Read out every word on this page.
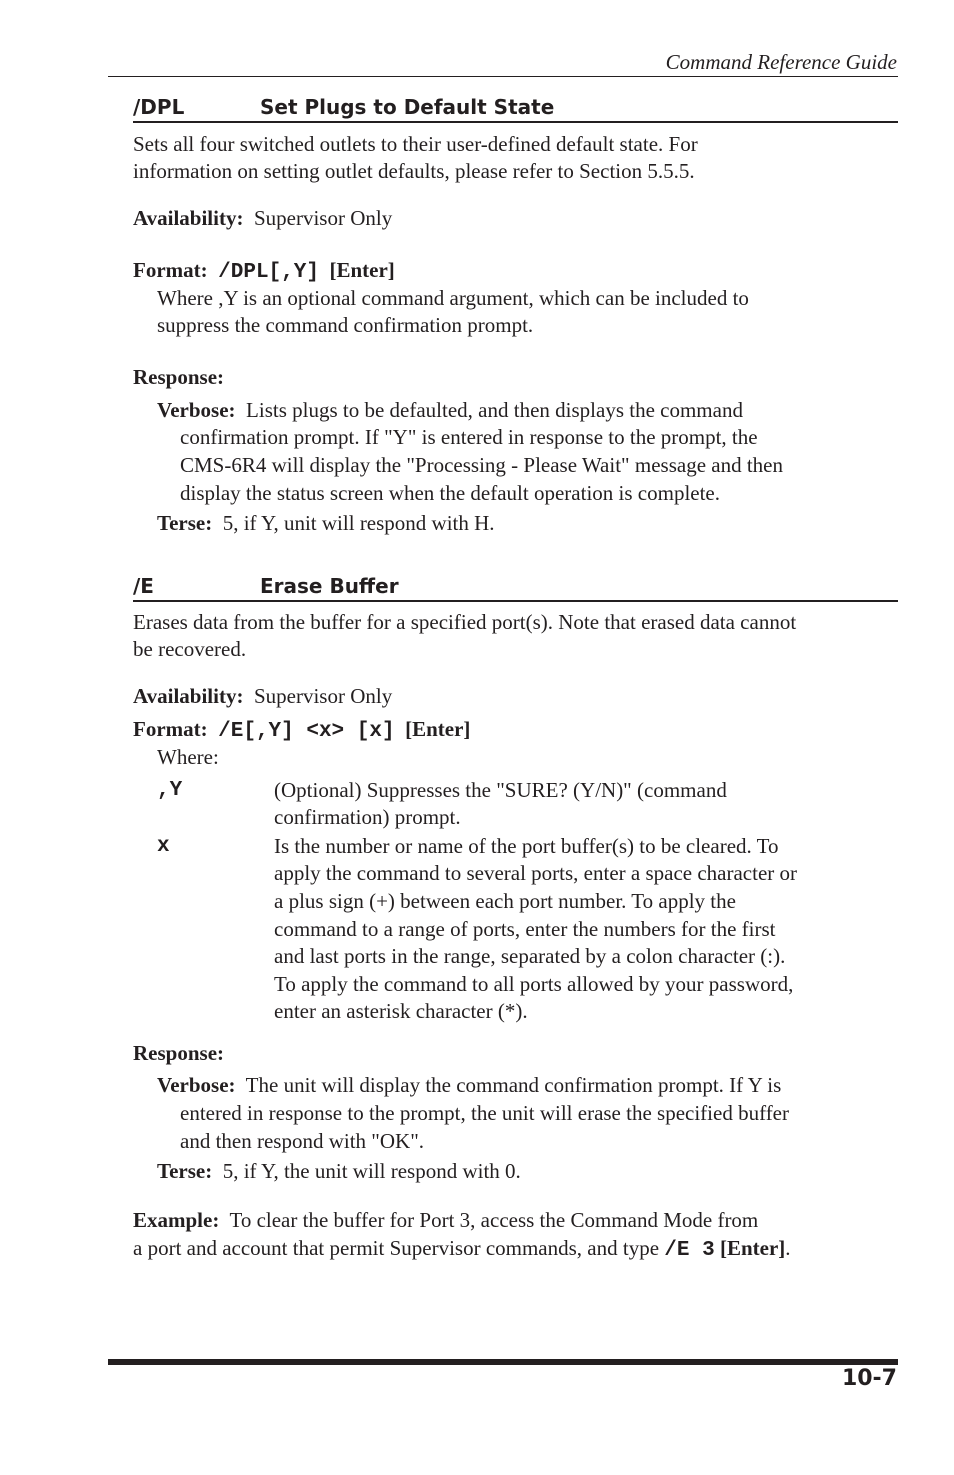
Command Reference Guide
/DPL	Set Plugs to Default State
Sets all four switched outlets to their user-defined default state. For
information on setting outlet defaults, please refer to Section 5.5.5.
Availability: Supervisor Only
Format: /DPL[,Y] [Enter]
Where ,Y is an optional command argument, which can be included to
suppress the command confirmation prompt.
Response:
Verbose: Lists plugs to be defaulted, and then displays the command
confirmation prompt. If "Y" is entered in response to the prompt, the
CMS-6R4 will display the "Processing - Please Wait" message and then
display the status screen when the default operation is complete.
Terse: 5, if Y, unit will respond with H.
/E	Erase Buffer
Erases data from the buffer for a specified port(s). Note that erased data cannot
be recovered.
Availability: Supervisor Only
Format: /E[,Y] <x> [x] [Enter]
Where:
,Y	(Optional) Suppresses the "SURE? (Y/N)" (command
confirmation) prompt.
x	Is the number or name of the port buffer(s) to be cleared. To
apply the command to several ports, enter a space character or
a plus sign (+) between each port number. To apply the
command to a range of ports, enter the numbers for the first
and last ports in the range, separated by a colon character (:).
To apply the command to all ports allowed by your password,
enter an asterisk character (*).
Response:
Verbose: The unit will display the command confirmation prompt. If Y is
entered in response to the prompt, the unit will erase the specified buffer
and then respond with "OK".
Terse: 5, if Y, the unit will respond with 0.
Example: To clear the buffer for Port 3, access the Command Mode from
a port and account that permit Supervisor commands, and type /E 3 [Enter].
10-7
